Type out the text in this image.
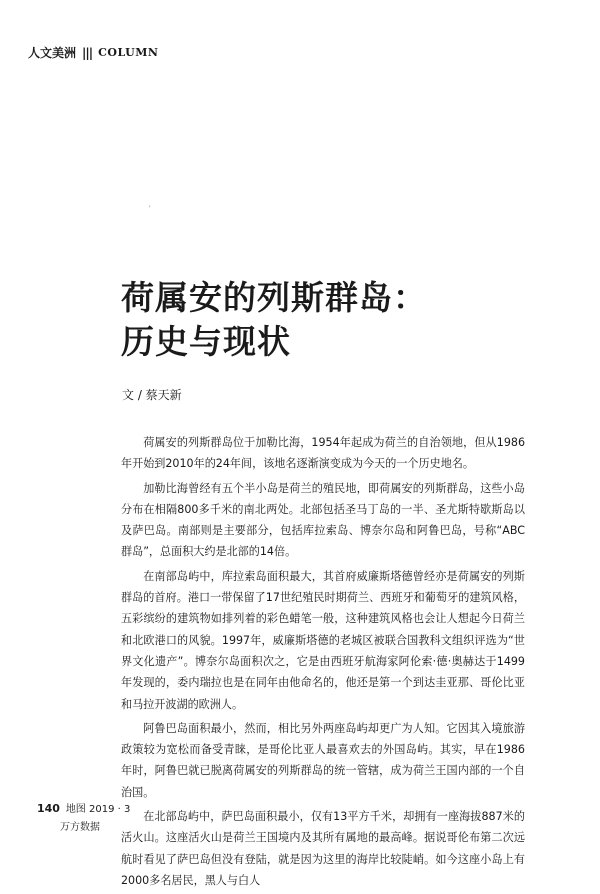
人文美洲 ||| COLUMN
'
荷属安的列斯群岛：
历史与现状
文 / 蔡天新

荷属安的列斯群岛位于加勒比海，1954年起成为荷兰的自治领地，但从1986年开始到2010年的24年间，该地名逐渐演变成为今天的一个历史地名。

加勒比海曾经有五个半小岛是荷兰的殖民地，即荷属安的列斯群岛，这些小岛分布在相隔800多千米的南北两处。北部包括圣马丁岛的一半、圣尤斯特歇斯岛以及萨巴岛。南部则是主要部分，包括库拉索岛、博奈尔岛和阿鲁巴岛，号称“ABC群岛”，总面积大约是北部的14倍。

在南部岛屿中，库拉索岛面积最大，其首府威廉斯塔德曾经亦是荷属安的列斯群岛的首府。港口一带保留了17世纪殖民时期荷兰、西班牙和葡萄牙的建筑风格，五彩缤纷的建筑物如排列着的彩色蜡笔一般，这种建筑风格也会让人想起今日荷兰和北欧港口的风貌。1997年，威廉斯塔德的老城区被联合国教科文组织评选为“世界文化遗产”。博奈尔岛面积次之，它是由西班牙航海家阿伦索·德·奥赫达于1499年发现的，委内瑞拉也是在同年由他命名的，他还是第一个到达圭亚那、哥伦比亚和马拉开波湖的欧洲人。

阿鲁巴岛面积最小，然而，相比另外两座岛屿却更广为人知。它因其入境旅游政策较为宽松而备受青睐，是哥伦比亚人最喜欢去的外国岛屿。其实，早在1986年时，阿鲁巴就已脱离荷属安的列斯群岛的统一管辖，成为荷兰王国内部的一个自治国。

在北部岛屿中，萨巴岛面积最小，仅有13平方千米，却拥有一座海拔887米的活火山。这座活火山是荷兰王国境内及其所有属地的最高峰。据说哥伦布第二次远航时看见了萨巴岛但没有登陆，就是因为这里的海岸比较陡峭。如今这座小岛上有2000多名居民，黑人与白人

140 地图 2019 · 3
万方数据
